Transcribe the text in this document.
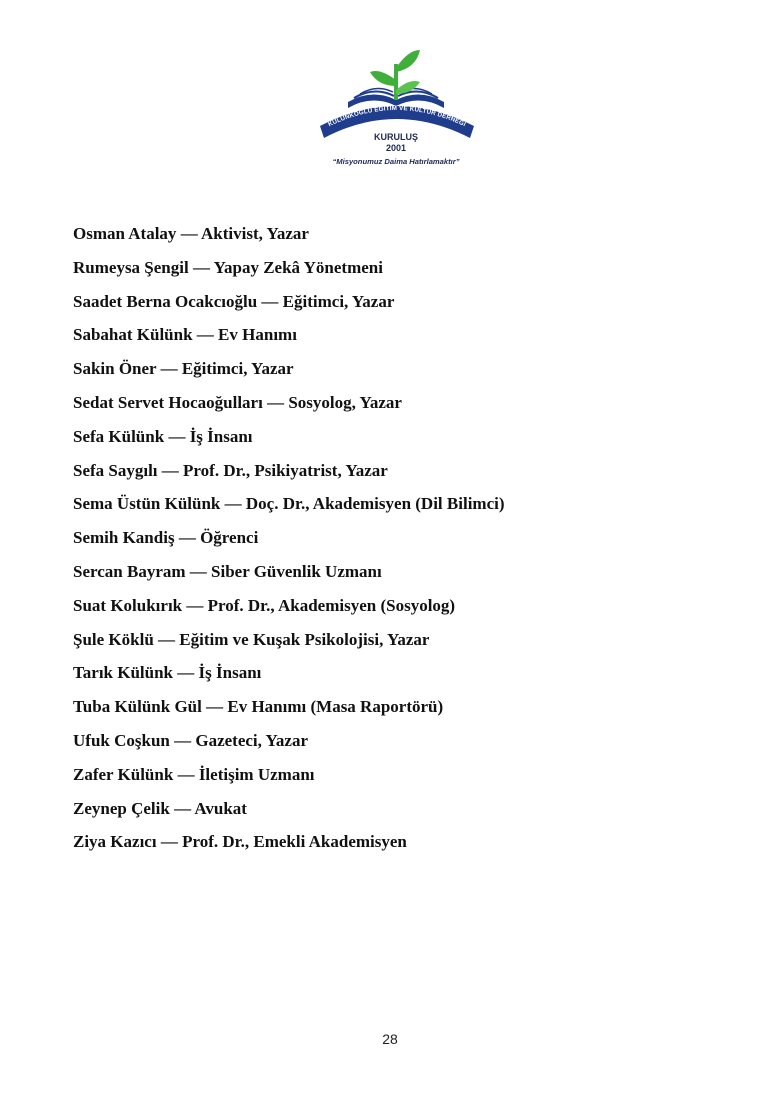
KÜLÜNKOĞLU EĞİTİM VE KÜLTÜR DERNEĞİ
KURULUŞ
2001
“Misyonumuz Daima Hatırlamaktır”
Osman Atalay — Aktivist, Yazar
Rumeysa Şengil — Yapay Zekâ Yönetmeni
Saadet Berna Ocakcıoğlu — Eğitimci, Yazar
Sabahat Külünk — Ev Hanımı
Sakin Öner — Eğitimci, Yazar
Sedat Servet Hocaoğulları — Sosyolog, Yazar
Sefa Külünk — İş İnsanı
Sefa Saygılı — Prof. Dr., Psikiyatrist, Yazar
Sema Üstün Külünk — Doç. Dr., Akademisyen (Dil Bilimci)
Semih Kandiş — Öğrenci
Sercan Bayram — Siber Güvenlik Uzmanı
Suat Kolukırık — Prof. Dr., Akademisyen (Sosyolog)
Şule Köklü — Eğitim ve Kuşak Psikolojisi, Yazar
Tarık Külünk — İş İnsanı
Tuba Külünk Gül — Ev Hanımı (Masa Raportörü)
Ufuk Coşkun — Gazeteci, Yazar
Zafer Külünk — İletişim Uzmanı
Zeynep Çelik — Avukat
Ziya Kazıcı — Prof. Dr., Emekli Akademisyen
28
